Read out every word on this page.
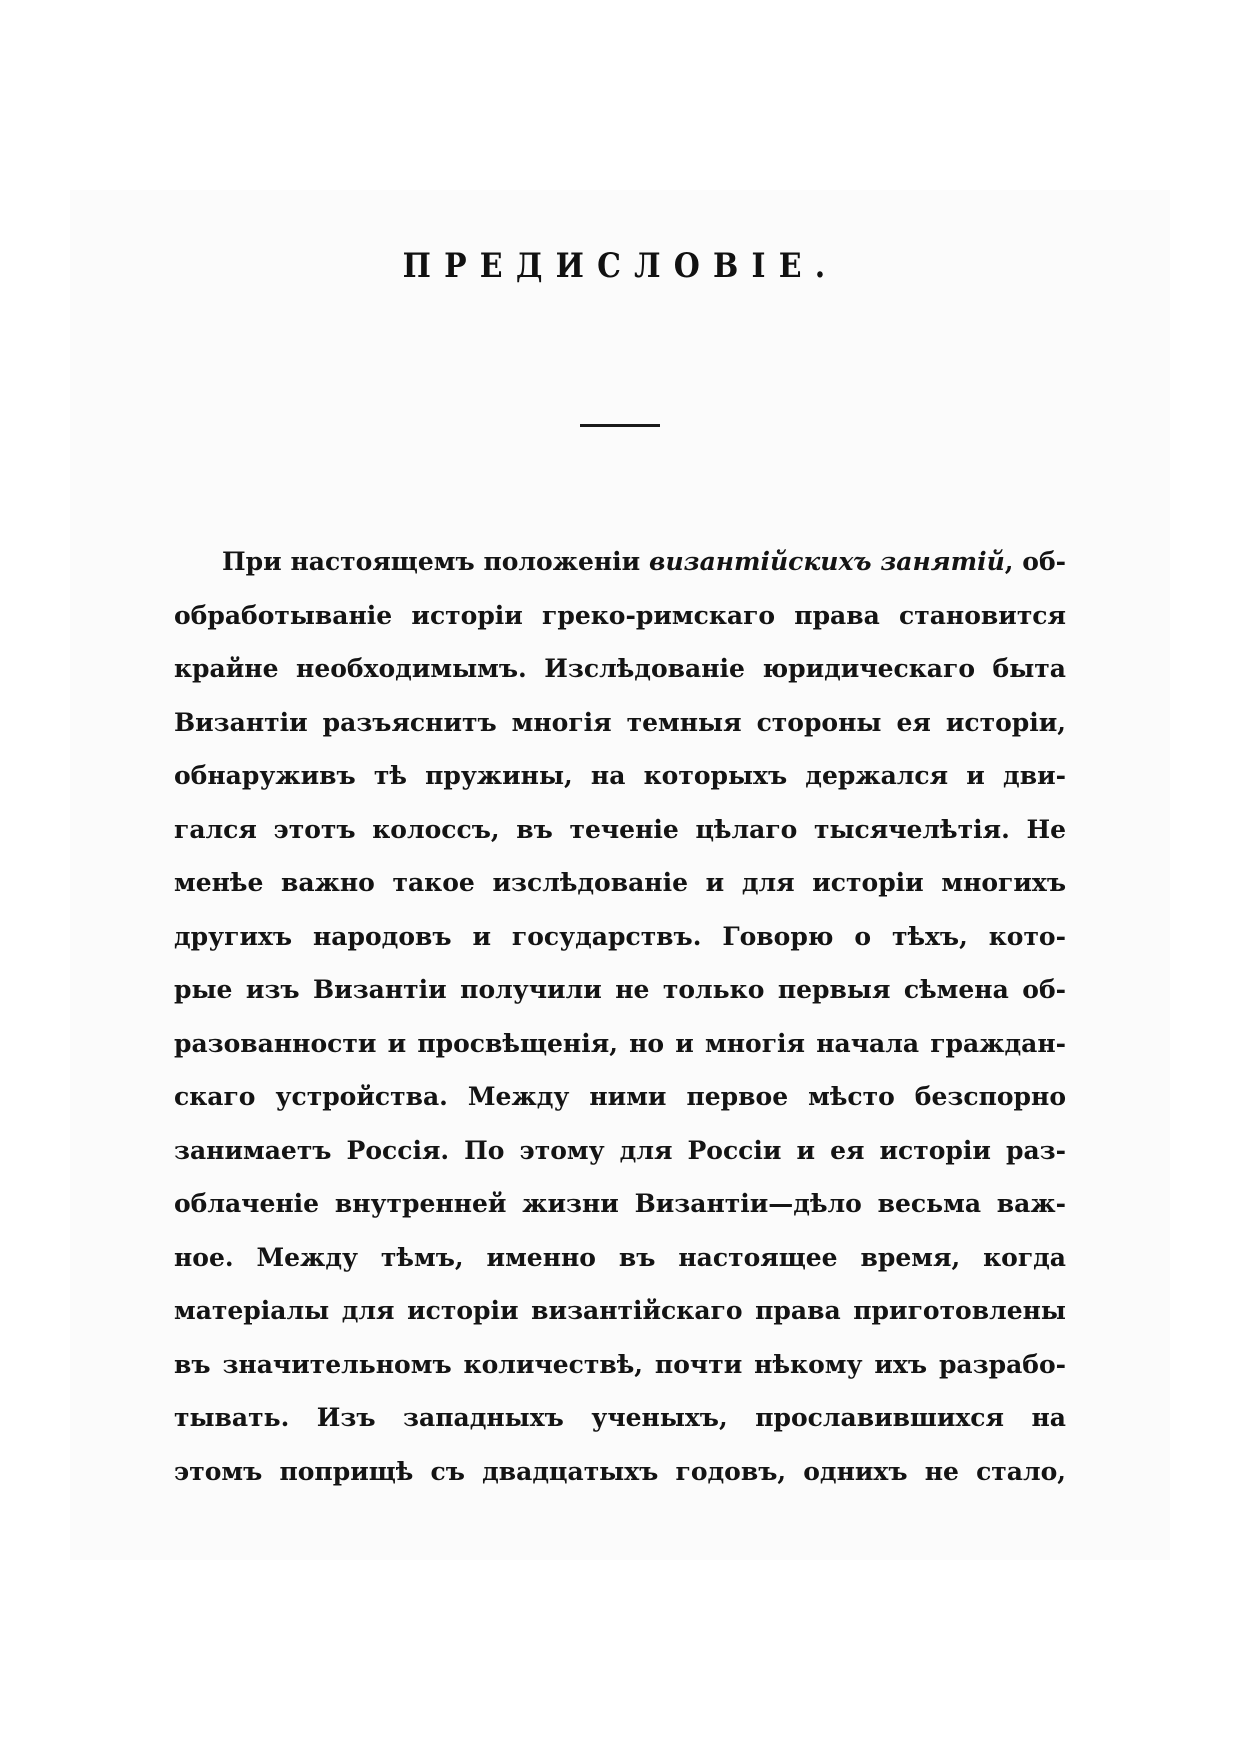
ПРЕДИСЛОВІЕ.
При настоящемъ положеніи византійскихъ занятій, об-
обработываніе исторіи греко-римскаго права становится
крайне необходимымъ. Изслѣдованіе юридическаго быта
Византіи разъяснитъ многія темныя стороны ея исторіи,
обнаруживъ тѣ пружины, на которыхъ держался и дви-
гался этотъ колоссъ, въ теченіе цѣлаго тысячелѣтія. Не
менѣе важно такое изслѣдованіе и для исторіи многихъ
другихъ народовъ и государствъ. Говорю о тѣхъ, кото-
рые изъ Византіи получили не только первыя сѣмена об-
разованности и просвѣщенія, но и многія начала граждан-
скаго устройства. Между ними первое мѣсто безспорно
занимаетъ Россія. По этому для Россіи и ея исторіи раз-
облаченіе внутренней жизни Византіи—дѣло весьма важ-
ное. Между тѣмъ, именно въ настоящее время, когда
матеріалы для исторіи византійскаго права приготовлены
въ значительномъ количествѣ, почти нѣкому ихъ разрабо-
тывать. Изъ западныхъ ученыхъ, прославившихся на
этомъ поприщѣ съ двадцатыхъ годовъ, однихъ не стало,
